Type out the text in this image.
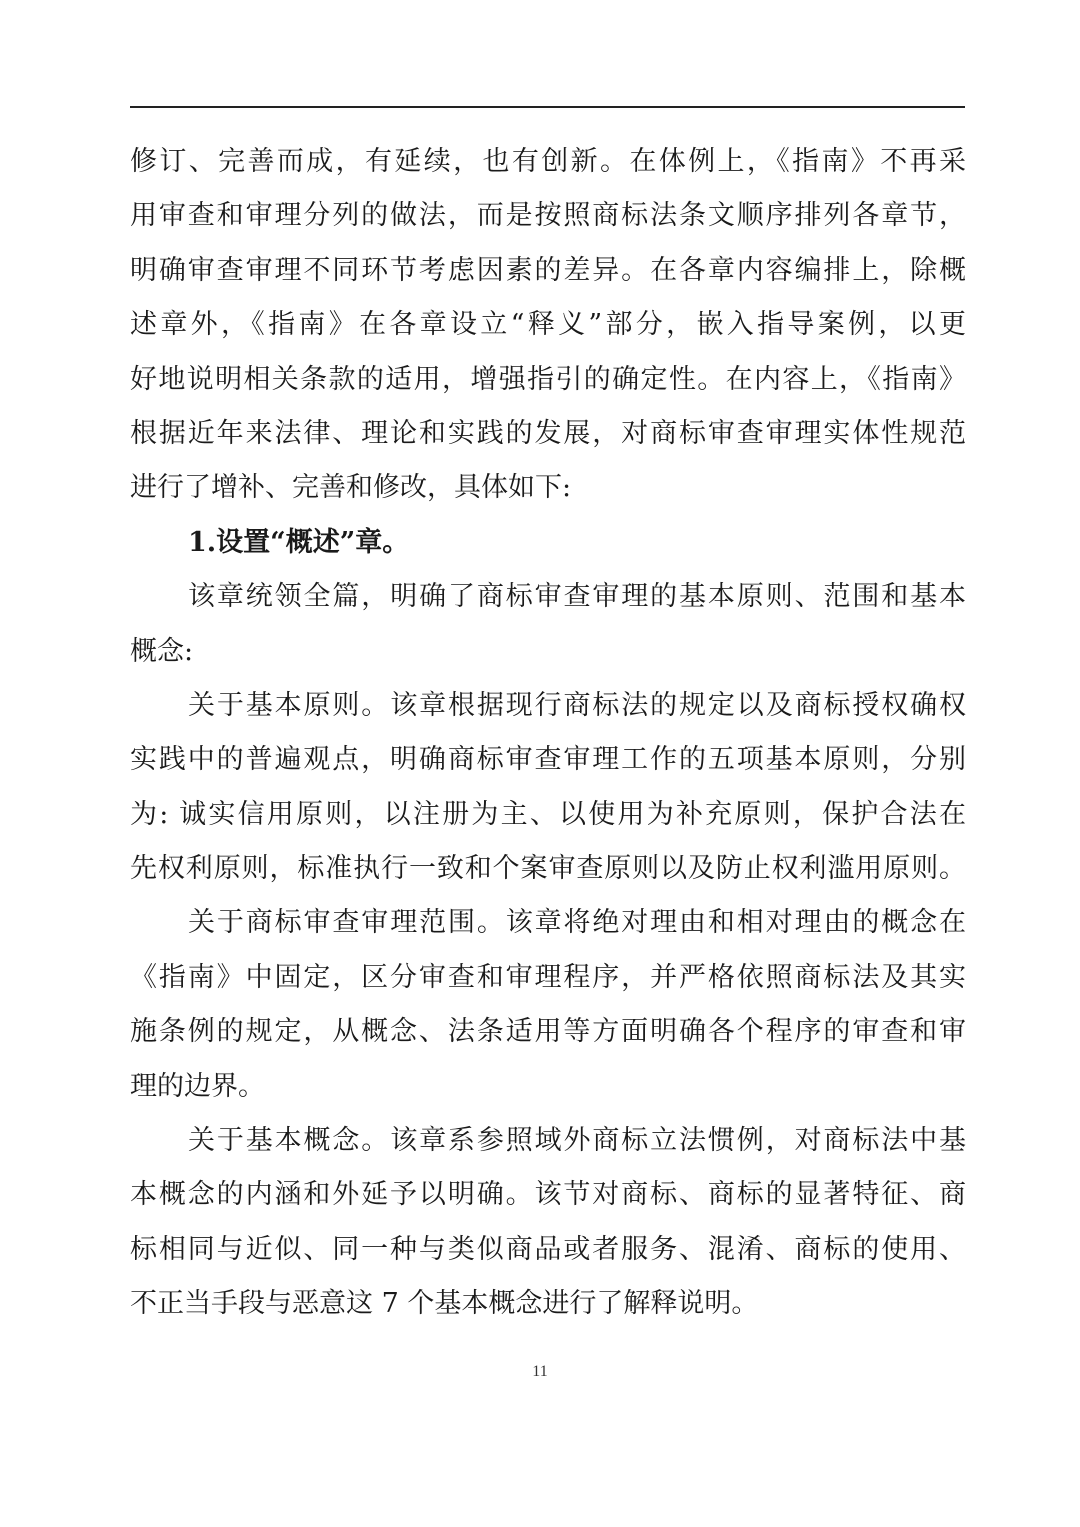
修订、完善而成，有延续，也有创新。在体例上，《指南》不再采
用审查和审理分列的做法，而是按照商标法条文顺序排列各章节，
明确审查审理不同环节考虑因素的差异。在各章内容编排上，除概
述章外，《指南》在各章设立“释义”部分，嵌入指导案例，以更
好地说明相关条款的适用，增强指引的确定性。在内容上，《指南》
根据近年来法律、理论和实践的发展，对商标审查审理实体性规范
进行了增补、完善和修改，具体如下:
1.设置“概述”章。
该章统领全篇，明确了商标审查审理的基本原则、范围和基本
概念:
关于基本原则。该章根据现行商标法的规定以及商标授权确权
实践中的普遍观点，明确商标审查审理工作的五项基本原则，分别
为: 诚实信用原则，以注册为主、以使用为补充原则，保护合法在
先权利原则，标准执行一致和个案审查原则以及防止权利滥用原则。
关于商标审查审理范围。该章将绝对理由和相对理由的概念在
《指南》中固定，区分审查和审理程序，并严格依照商标法及其实
施条例的规定，从概念、法条适用等方面明确各个程序的审查和审
理的边界。
关于基本概念。该章系参照域外商标立法惯例，对商标法中基
本概念的内涵和外延予以明确。该节对商标、商标的显著特征、商
标相同与近似、同一种与类似商品或者服务、混淆、商标的使用、
不正当手段与恶意这 7 个基本概念进行了解释说明。
11
